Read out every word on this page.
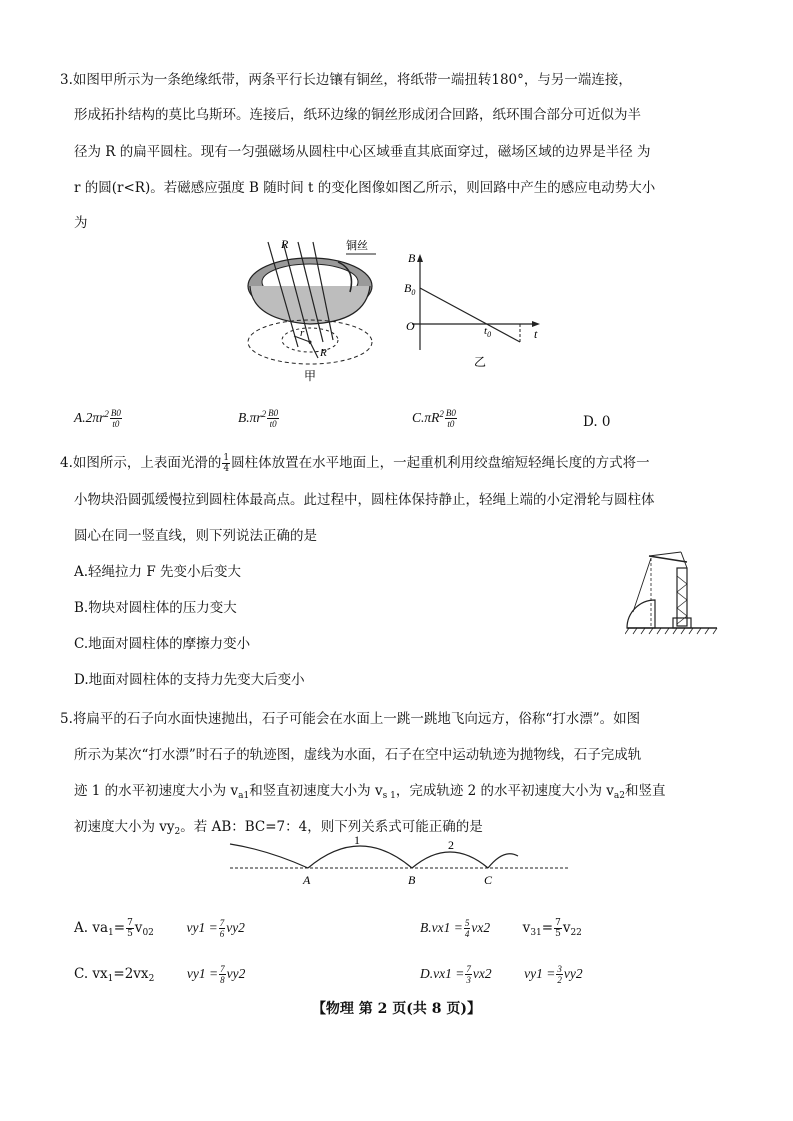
3.如图甲所示为一条绝缘纸带，两条平行长边镶有铜丝，将纸带一端扭转180°，与另一端连接，
形成拓扑结构的莫比乌斯环。连接后，纸环边缘的铜丝形成闭合回路，纸环围合部分可近似为半
径为 R 的扁平圆柱。现有一匀强磁场从圆柱中心区域垂直其底面穿过，磁场区域的边界是半径 为
r 的圆(r<R)。若磁感应强度 B 随时间 t 的变化图像如图乙所示，则回路中产生的感应电动势大小
为
R	铜丝
r
R
甲
B
t
O
$B_0$
$t_0$
乙
$A.2\pi r^2 \frac{B0}{t0}$	$B.\pi r^2 \frac{B0}{t0}$	$C.\pi R^2 \frac{B0}{t0}$	D. 0
4.如图所示，上表面光滑的 $\frac{1}{4}$ 圆柱体放置在水平地面上，一起重机利用绞盘缩短轻绳长度的方式将一
小物块沿圆弧缓慢拉到圆柱体最高点。此过程中，圆柱体保持静止，轻绳上端的小定滑轮与圆柱体
圆心在同一竖直线，则下列说法正确的是
A.轻绳拉力 F 先变小后变大
B.物块对圆柱体的压力变大
C.地面对圆柱体的摩擦力变小
D.地面对圆柱体的支持力先变大后变小
5.将扁平的石子向水面快速抛出，石子可能会在水面上一跳一跳地飞向远方，俗称“打水漂”。如图
所示为某次“打水漂”时石子的轨迹图，虚线为水面，石子在空中运动轨迹为抛物线，石子完成轨
迹 1 的水平初速度大小为 $v_{a1}$和竖直初速度大小为 $v_{s 1}$，完成轨迹 2 的水平初速度大小为 $v_{a2}$和竖直
初速度大小为 $vy_2$。若 AB：BC=7：4，则下列关系式可能正确的是
1	2
A	B	C
A. $va_1= \frac{7}{5} v_{02}$ $vy1 = \frac{7}{6} vy2$	$B.vx1 = \frac{5}{4} vx2$ $v_{31}= \frac{7}{5} v_{22}$
C. $vx_1=2vx_2$ $vy1 = \frac{7}{8} vy2$	$D.vx1 = \frac{7}{3} vx2$ $vy1 = \frac{3}{2} vy2$
【物理 第 2 页(共 8 页)】
